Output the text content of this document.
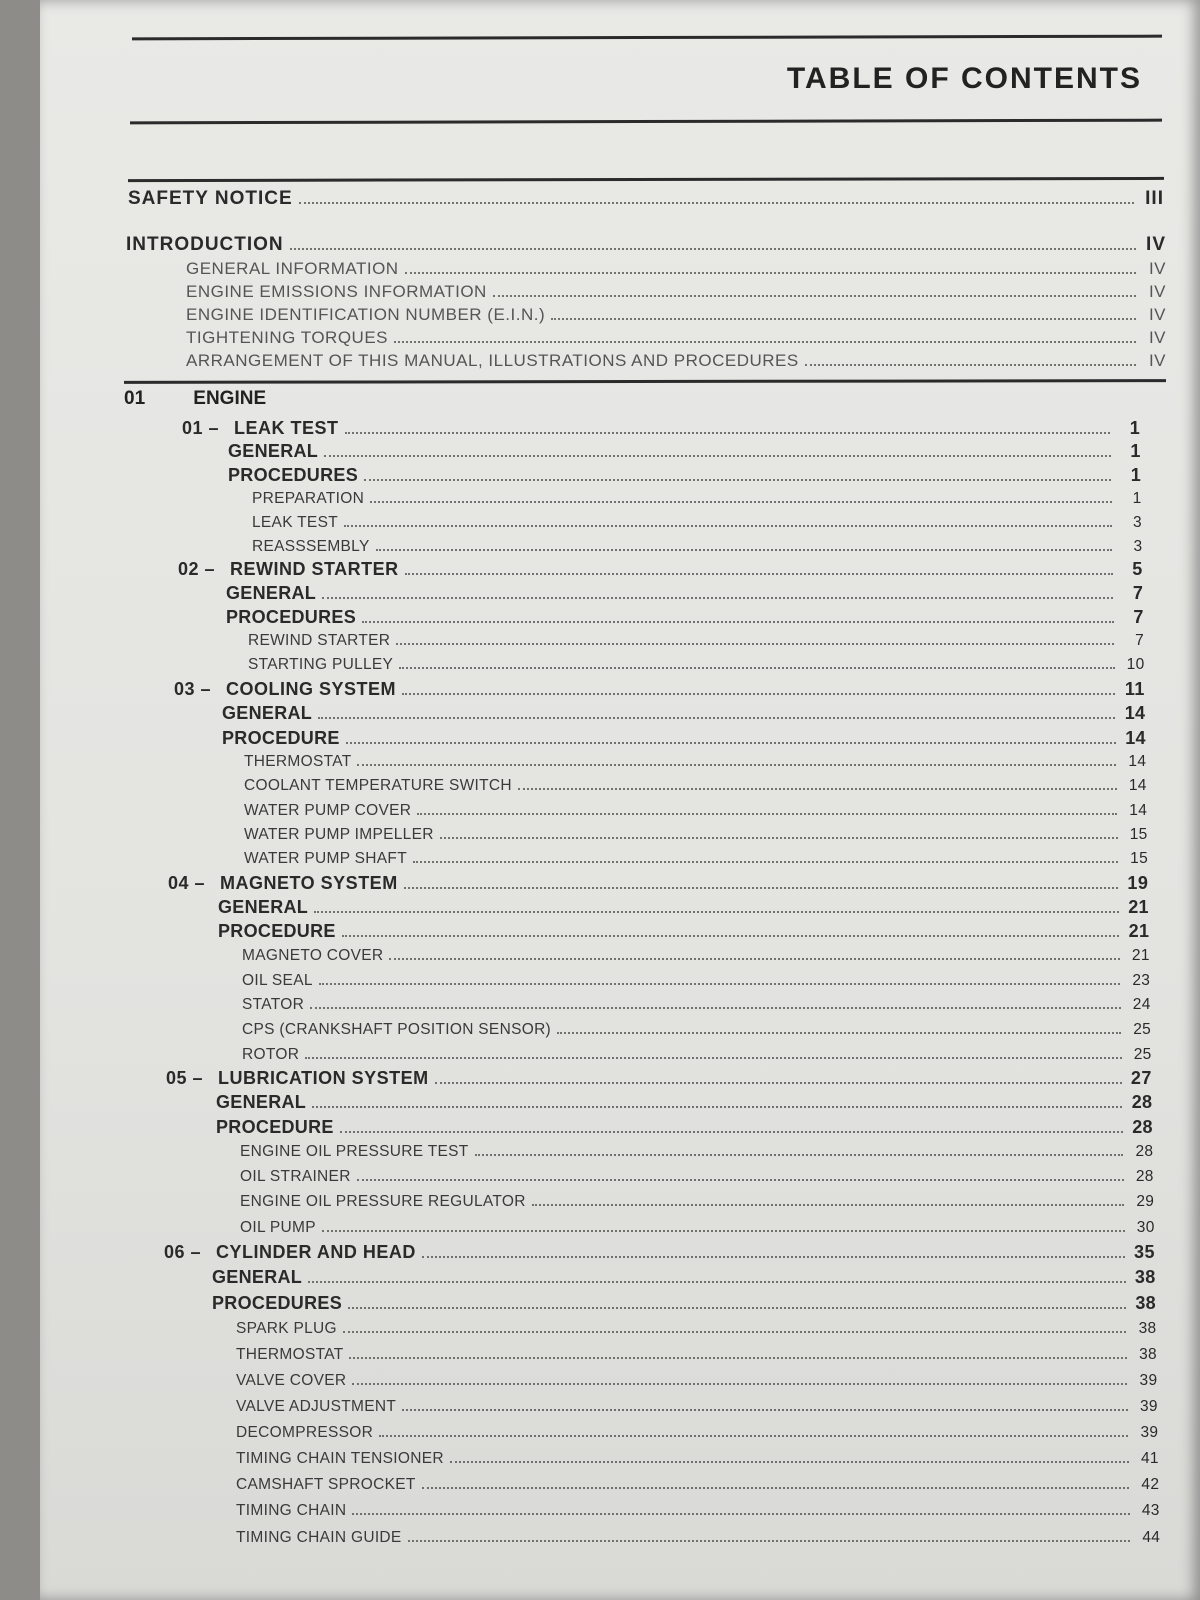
TABLE OF CONTENTS
SAFETY NOTICE	III
INTRODUCTION	IV
GENERAL INFORMATION	IV
ENGINE EMISSIONS INFORMATION	IV
ENGINE IDENTIFICATION NUMBER (E.I.N.)	IV
TIGHTENING TORQUES	IV
ARRANGEMENT OF THIS MANUAL, ILLUSTRATIONS AND PROCEDURES	IV
01	ENGINE
01 – LEAK TEST	1
GENERAL	1
PROCEDURES	1
PREPARATION	1
LEAK TEST	3
REASSSEMBLY	3
02 – REWIND STARTER	5
GENERAL	7
PROCEDURES	7
REWIND STARTER	7
STARTING PULLEY	10
03 – COOLING SYSTEM	11
GENERAL	14
PROCEDURE	14
THERMOSTAT	14
COOLANT TEMPERATURE SWITCH	14
WATER PUMP COVER	14
WATER PUMP IMPELLER	15
WATER PUMP SHAFT	15
04 – MAGNETO SYSTEM	19
GENERAL	21
PROCEDURE	21
MAGNETO COVER	21
OIL SEAL	23
STATOR	24
CPS (CRANKSHAFT POSITION SENSOR)	25
ROTOR	25
05 – LUBRICATION SYSTEM	27
GENERAL	28
PROCEDURE	28
ENGINE OIL PRESSURE TEST	28
OIL STRAINER	28
ENGINE OIL PRESSURE REGULATOR	29
OIL PUMP	30
06 – CYLINDER AND HEAD	35
GENERAL	38
PROCEDURES	38
SPARK PLUG	38
THERMOSTAT	38
VALVE COVER	39
VALVE ADJUSTMENT	39
DECOMPRESSOR	39
TIMING CHAIN TENSIONER	41
CAMSHAFT SPROCKET	42
TIMING CHAIN	43
TIMING CHAIN GUIDE	44
